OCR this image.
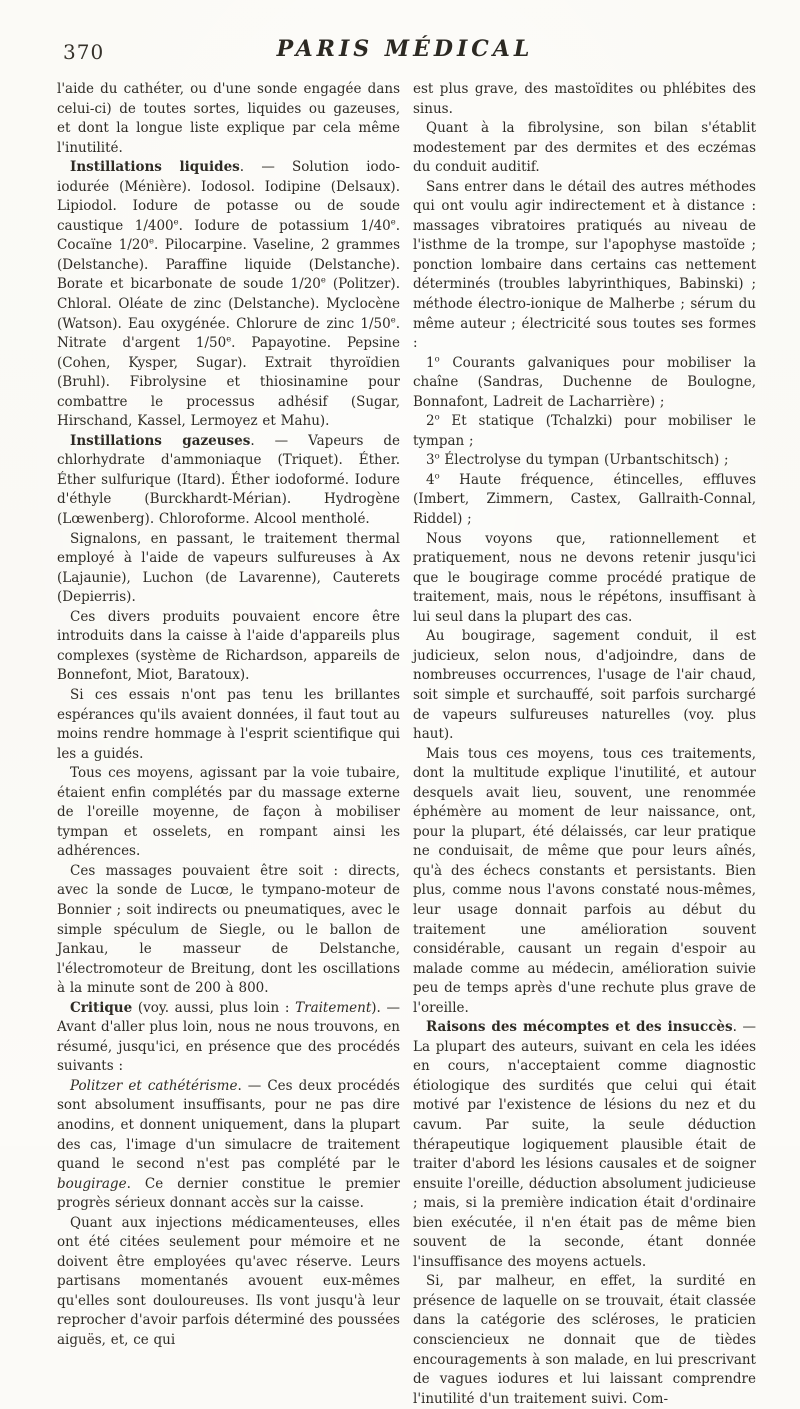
370	PARIS MÉDICAL

l'aide du cathéter, ou d'une sonde engagée dans celui-ci) de toutes sortes, liquides ou gazeuses, et dont la longue liste explique par cela même l'inutilité.

Instillations liquides. — Solution iodo-iodurée (Ménière). Iodosol. Iodipine (Delsaux). Lipiodol. Iodure de potasse ou de soude caustique 1/400e. Iodure de potassium 1/40e. Cocaïne 1/20e. Pilocarpine. Vaseline, 2 grammes (Delstanche). Paraffine liquide (Delstanche). Borate et bicarbonate de soude 1/20e (Politzer). Chloral. Oléate de zinc (Delstanche). Myclocène (Watson). Eau oxygénée. Chlorure de zinc 1/50e. Nitrate d'argent 1/50e. Papayotine. Pepsine (Cohen, Kysper, Sugar). Extrait thyroïdien (Bruhl). Fibrolysine et thiosinamine pour combattre le processus adhésif (Sugar, Hirschand, Kassel, Lermoyez et Mahu).

Instillations gazeuses. — Vapeurs de chlorhydrate d'ammoniaque (Triquet). Éther. Éther sulfurique (Itard). Éther iodoformé. Iodure d'éthyle (Burckhardt-Mérian). Hydrogène (Lœwenberg). Chloroforme. Alcool mentholé.

Signalons, en passant, le traitement thermal employé à l'aide de vapeurs sulfureuses à Ax (Lajaunie), Luchon (de Lavarenne), Cauterets (Depierris).

Ces divers produits pouvaient encore être introduits dans la caisse à l'aide d'appareils plus complexes (système de Richardson, appareils de Bonnefont, Miot, Baratoux).

Si ces essais n'ont pas tenu les brillantes espérances qu'ils avaient données, il faut tout au moins rendre hommage à l'esprit scientifique qui les a guidés.

Tous ces moyens, agissant par la voie tubaire, étaient enfin complétés par du massage externe de l'oreille moyenne, de façon à mobiliser tympan et osselets, en rompant ainsi les adhérences.

Ces massages pouvaient être soit : directs, avec la sonde de Lucœ, le tympano-moteur de Bonnier ; soit indirects ou pneumatiques, avec le simple spéculum de Siegle, ou le ballon de Jankau, le masseur de Delstanche, l'électromoteur de Breitung, dont les oscillations à la minute sont de 200 à 800.

Critique (voy. aussi, plus loin : Traitement). — Avant d'aller plus loin, nous ne nous trouvons, en résumé, jusqu'ici, en présence que des procédés suivants :

Politzer et cathétérisme. — Ces deux procédés sont absolument insuffisants, pour ne pas dire anodins, et donnent uniquement, dans la plupart des cas, l'image d'un simulacre de traitement quand le second n'est pas complété par le bougirage. Ce dernier constitue le premier progrès sérieux donnant accès sur la caisse.

Quant aux injections médicamenteuses, elles ont été citées seulement pour mémoire et ne doivent être employées qu'avec réserve. Leurs partisans momentanés avouent eux-mêmes qu'elles sont douloureuses. Ils vont jusqu'à leur reprocher d'avoir parfois déterminé des poussées aiguës, et, ce qui

est plus grave, des mastoïdites ou phlébites des sinus.

Quant à la fibrolysine, son bilan s'établit modestement par des dermites et des eczémas du conduit auditif.

Sans entrer dans le détail des autres méthodes qui ont voulu agir indirectement et à distance : massages vibratoires pratiqués au niveau de l'isthme de la trompe, sur l'apophyse mastoïde ; ponction lombaire dans certains cas nettement déterminés (troubles labyrinthiques, Babinski) ; méthode électro-ionique de Malherbe ; sérum du même auteur ; électricité sous toutes ses formes :

1$^o$ Courants galvaniques pour mobiliser la chaîne (Sandras, Duchenne de Boulogne, Bonnafont, Ladreit de Lacharrière) ;

2$^o$ Et statique (Tchalzki) pour mobiliser le tympan ;

3$^o$ Électrolyse du tympan (Urbantschitsch) ;

4$^o$ Haute fréquence, étincelles, effluves (Imbert, Zimmern, Castex, Gallraith-Connal, Riddel) ;

Nous voyons que, rationnellement et pratiquement, nous ne devons retenir jusqu'ici que le bougirage comme procédé pratique de traitement, mais, nous le répétons, insuffisant à lui seul dans la plupart des cas.

Au bougirage, sagement conduit, il est judicieux, selon nous, d'adjoindre, dans de nombreuses occurrences, l'usage de l'air chaud, soit simple et surchauffé, soit parfois surchargé de vapeurs sulfureuses naturelles (voy. plus haut).

Mais tous ces moyens, tous ces traitements, dont la multitude explique l'inutilité, et autour desquels avait lieu, souvent, une renommée éphémère au moment de leur naissance, ont, pour la plupart, été délaissés, car leur pratique ne conduisait, de même que pour leurs aînés, qu'à des échecs constants et persistants. Bien plus, comme nous l'avons constaté nous-mêmes, leur usage donnait parfois au début du traitement une amélioration souvent considérable, causant un regain d'espoir au malade comme au médecin, amélioration suivie peu de temps après d'une rechute plus grave de l'oreille.

Raisons des mécomptes et des insuccès. — La plupart des auteurs, suivant en cela les idées en cours, n'acceptaient comme diagnostic étiologique des surdités que celui qui était motivé par l'existence de lésions du nez et du cavum. Par suite, la seule déduction thérapeutique logiquement plausible était de traiter d'abord les lésions causales et de soigner ensuite l'oreille, déduction absolument judicieuse ; mais, si la première indication était d'ordinaire bien exécutée, il n'en était pas de même bien souvent de la seconde, étant donnée l'insuffisance des moyens actuels.

Si, par malheur, en effet, la surdité en présence de laquelle on se trouvait, était classée dans la catégorie des scléroses, le praticien consciencieux ne donnait que de tièdes encouragements à son malade, en lui prescrivant de vagues iodures et lui laissant comprendre l'inutilité d'un traitement suivi. Com-
